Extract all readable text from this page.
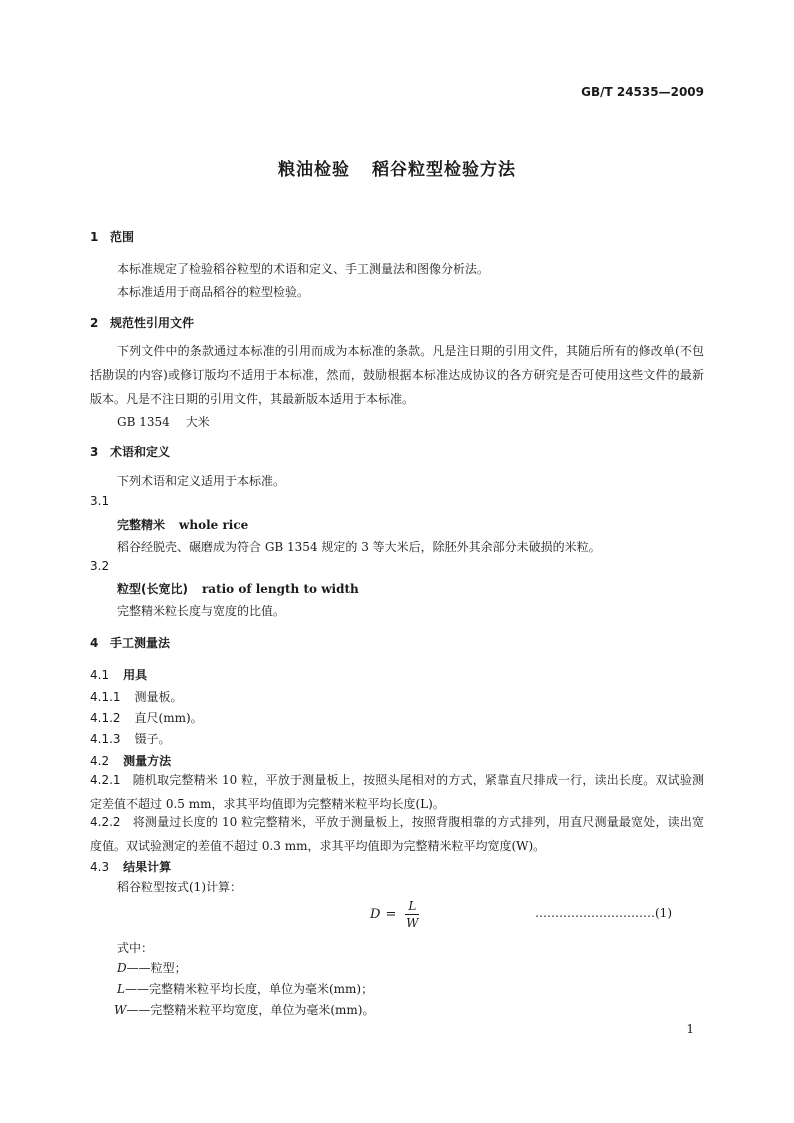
GB/T 24535—2009
粮油检验 稻谷粒型检验方法
1 范围
本标准规定了检验稻谷粒型的术语和定义、手工测量法和图像分析法。
本标准适用于商品稻谷的粒型检验。
2 规范性引用文件
下列文件中的条款通过本标准的引用而成为本标准的条款。凡是注日期的引用文件，其随后所有的修改单(不包括勘误的内容)或修订版均不适用于本标准，然而，鼓励根据本标准达成协议的各方研究是否可使用这些文件的最新版本。凡是不注日期的引用文件，其最新版本适用于本标准。
GB 1354 大米
3 术语和定义
下列术语和定义适用于本标准。
3.1
完整精米 whole rice
稻谷经脱壳、碾磨成为符合 GB 1354 规定的 3 等大米后，除胚外其余部分未破损的米粒。
3.2
粒型(长宽比) ratio of length to width
完整精米粒长度与宽度的比值。
4 手工测量法
4.1 用具
4.1.1 测量板。
4.1.2 直尺(mm)。
4.1.3 镊子。
4.2 测量方法
4.2.1 随机取完整精米 10 粒，平放于测量板上，按照头尾相对的方式，紧靠直尺排成一行，读出长度。双试验测定差值不超过 0.5 mm，求其平均值即为完整精米粒平均长度(L)。
4.2.2 将测量过长度的 10 粒完整精米，平放于测量板上，按照背腹相靠的方式排列，用直尺测量最宽处，读出宽度值。双试验测定的差值不超过 0.3 mm，求其平均值即为完整精米粒平均宽度(W)。
4.3 结果计算
稻谷粒型按式(1)计算：
$D = \frac{L}{W}$	…………………………(1)
式中：
D——粒型；
L——完整精米粒平均长度，单位为毫米(mm)；
W——完整精米粒平均宽度，单位为毫米(mm)。
1
